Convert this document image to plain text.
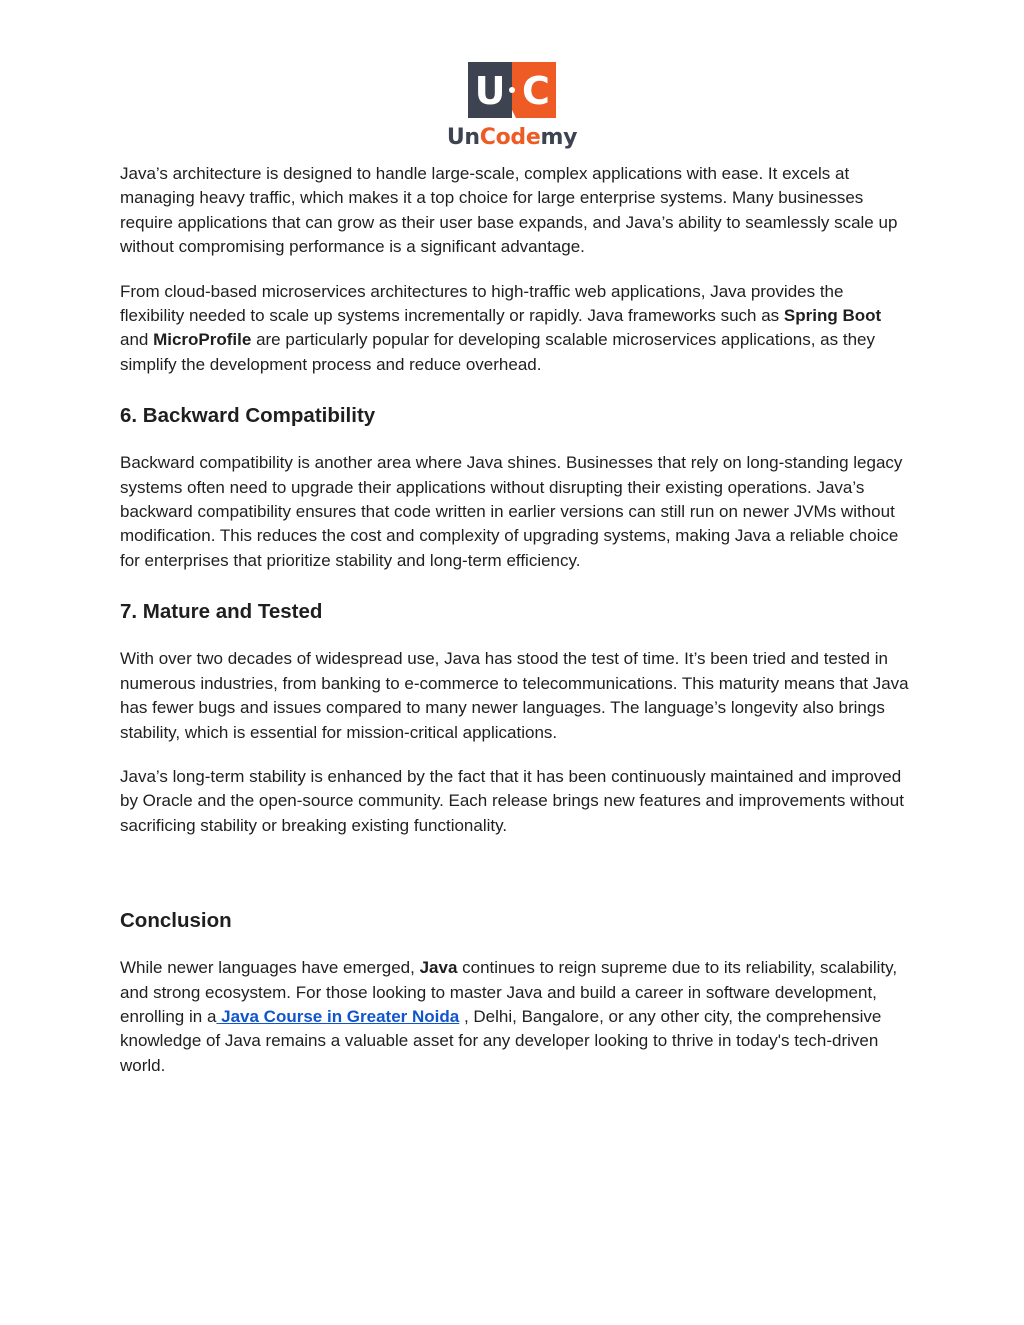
U C
UnCodemy

Java’s architecture is designed to handle large-scale, complex applications with ease. It excels at managing heavy traffic, which makes it a top choice for large enterprise systems. Many businesses require applications that can grow as their user base expands, and Java’s ability to seamlessly scale up without compromising performance is a significant advantage.

From cloud-based microservices architectures to high-traffic web applications, Java provides the flexibility needed to scale up systems incrementally or rapidly. Java frameworks such as Spring Boot and MicroProfile are particularly popular for developing scalable microservices applications, as they simplify the development process and reduce overhead.

6. Backward Compatibility

Backward compatibility is another area where Java shines. Businesses that rely on long-standing legacy systems often need to upgrade their applications without disrupting their existing operations. Java’s backward compatibility ensures that code written in earlier versions can still run on newer JVMs without modification. This reduces the cost and complexity of upgrading systems, making Java a reliable choice for enterprises that prioritize stability and long-term efficiency.

7. Mature and Tested

With over two decades of widespread use, Java has stood the test of time. It’s been tried and tested in numerous industries, from banking to e-commerce to telecommunications. This maturity means that Java has fewer bugs and issues compared to many newer languages. The language’s longevity also brings stability, which is essential for mission-critical applications.

Java’s long-term stability is enhanced by the fact that it has been continuously maintained and improved by Oracle and the open-source community. Each release brings new features and improvements without sacrificing stability or breaking existing functionality.

Conclusion

While newer languages have emerged, Java continues to reign supreme due to its reliability, scalability, and strong ecosystem. For those looking to master Java and build a career in software development, enrolling in a Java Course in Greater Noida , Delhi, Bangalore, or any other city, the comprehensive knowledge of Java remains a valuable asset for any developer looking to thrive in today's tech-driven world.
